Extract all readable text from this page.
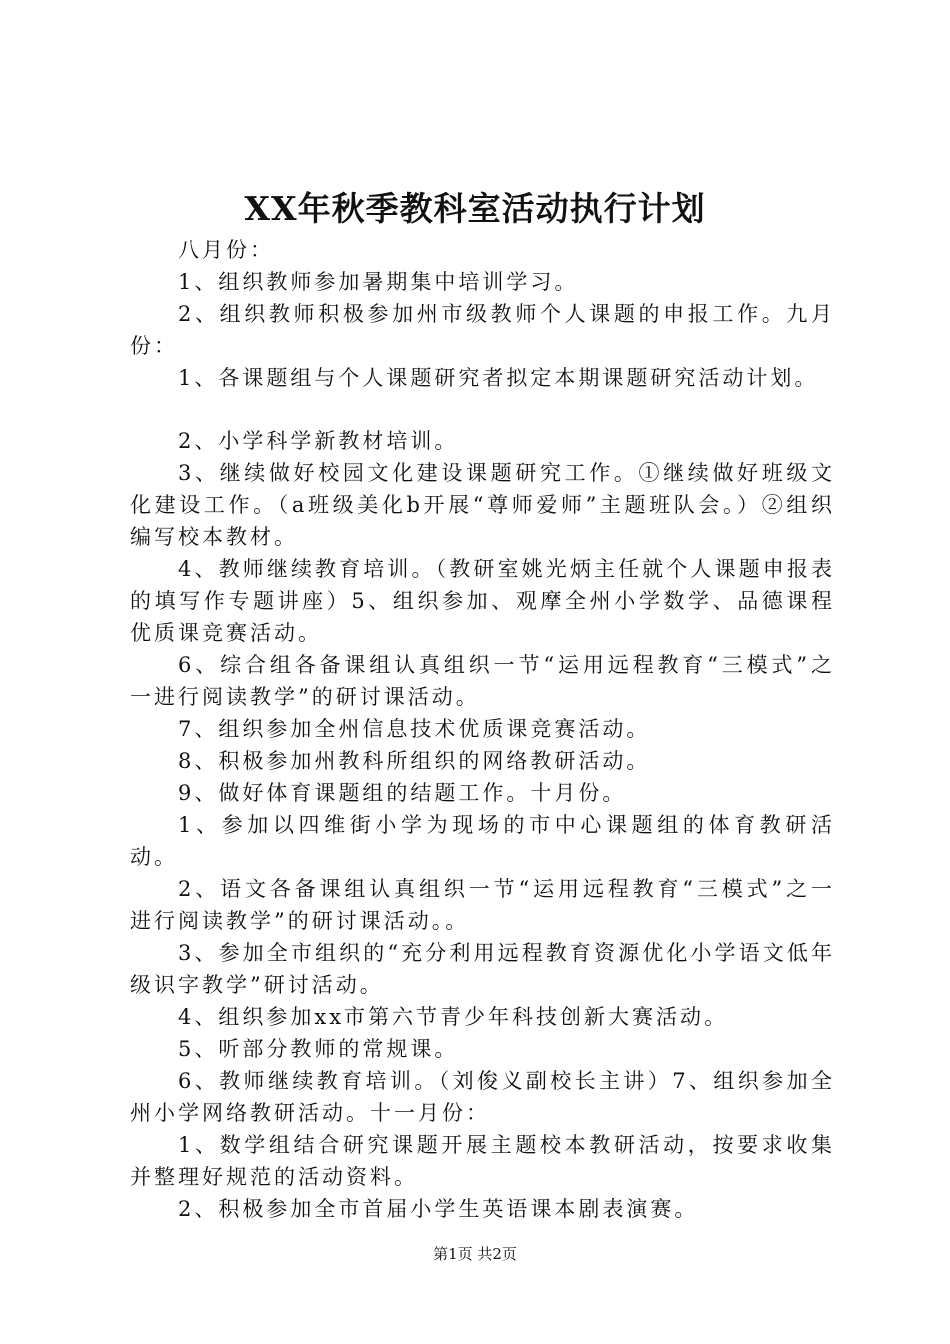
XX年秋季教科室活动执行计划

八月份：

1、组织教师参加暑期集中培训学习。

2、组织教师积极参加州市级教师个人课题的申报工作。九月份：

1、各课题组与个人课题研究者拟定本期课题研究活动计划。

2、小学科学新教材培训。

3、继续做好校园文化建设课题研究工作。①继续做好班级文化建设工作。（a班级美化b开展“尊师爱师”主题班队会。）②组织编写校本教材。

4、教师继续教育培训。（教研室姚光炳主任就个人课题申报表的填写作专题讲座）5、组织参加、观摩全州小学数学、品德课程优质课竞赛活动。

6、综合组各备课组认真组织一节“运用远程教育“三模式”之一进行阅读教学”的研讨课活动。

7、组织参加全州信息技术优质课竞赛活动。

8、积极参加州教科所组织的网络教研活动。

9、做好体育课题组的结题工作。十月份。

1、参加以四维街小学为现场的市中心课题组的体育教研活动。

2、语文各备课组认真组织一节“运用远程教育“三模式”之一进行阅读教学”的研讨课活动。。

3、参加全市组织的“充分利用远程教育资源优化小学语文低年级识字教学”研讨活动。

4、组织参加xx市第六节青少年科技创新大赛活动。

5、听部分教师的常规课。

6、教师继续教育培训。（刘俊义副校长主讲）7、组织参加全州小学网络教研活动。十一月份：

1、数学组结合研究课题开展主题校本教研活动，按要求收集并整理好规范的活动资料。

2、积极参加全市首届小学生英语课本剧表演赛。

第1页 共2页
